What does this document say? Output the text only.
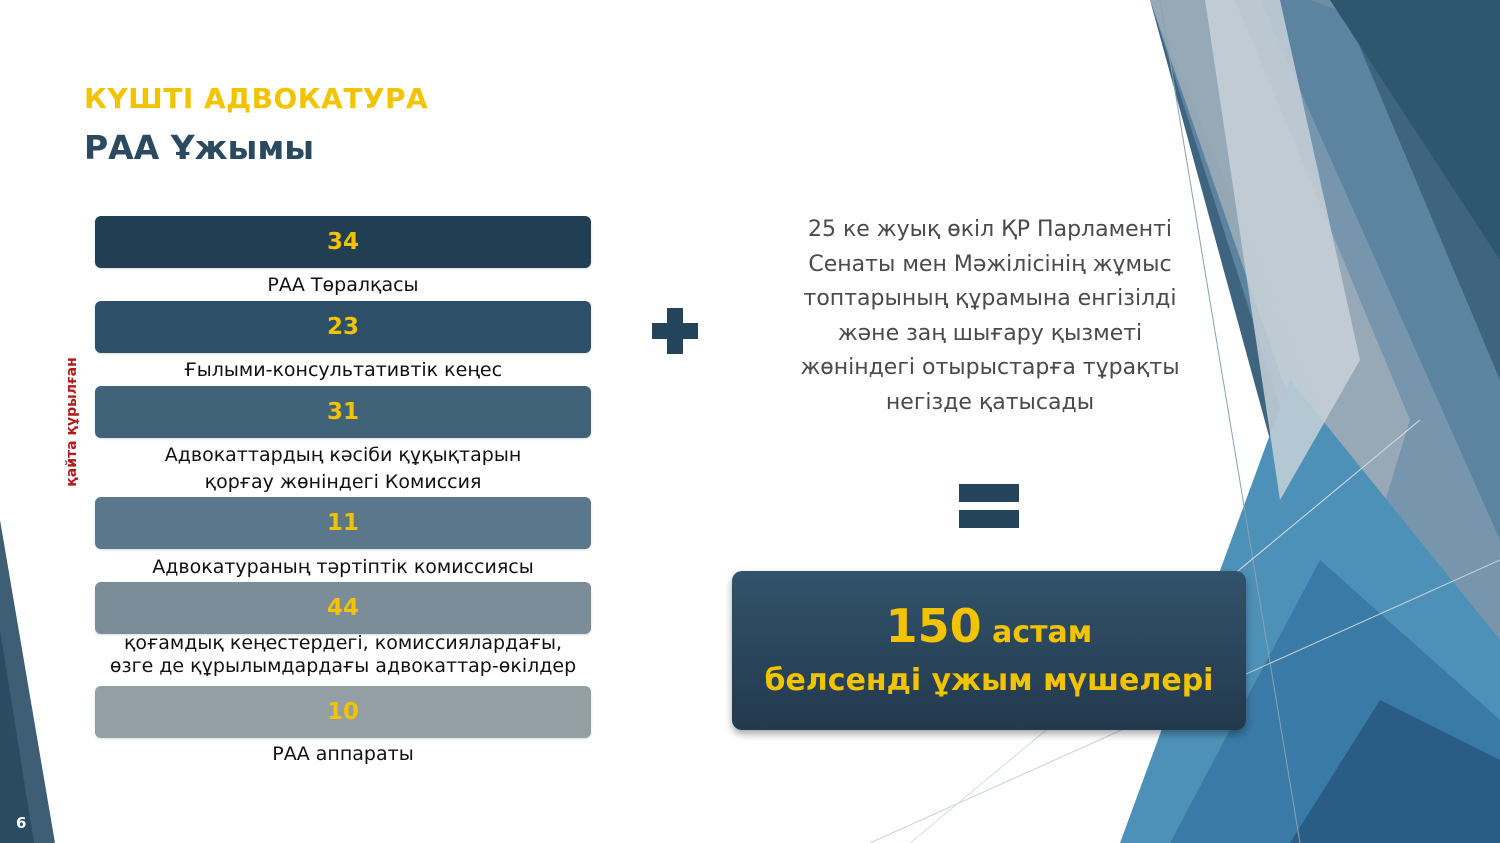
КҮШТІ АДВОКАТУРА
РАА Ұжымы
қайта құрылған
34
РАА Төралқасы
23
Ғылыми-консультативтік кеңес
31
Адвокаттардың кәсіби құқықтарын
қорғау жөніндегі Комиссия
11
Адвокатураның тәртіптік комиссиясы
44
қоғамдық кеңестердегі, комиссиялардағы,
өзге де құрылымдардағы адвокаттар-өкілдер
10
РАА аппараты

25 ке жуық өкіл ҚР Парламенті
Сенаты мен Мәжілісінің жұмыс
топтарының құрамына енгізілді
және заң шығару қызметі
жөніндегі отырыстарға тұрақты
негізде қатысады

150 астам
белсенді ұжым мүшелері
6
